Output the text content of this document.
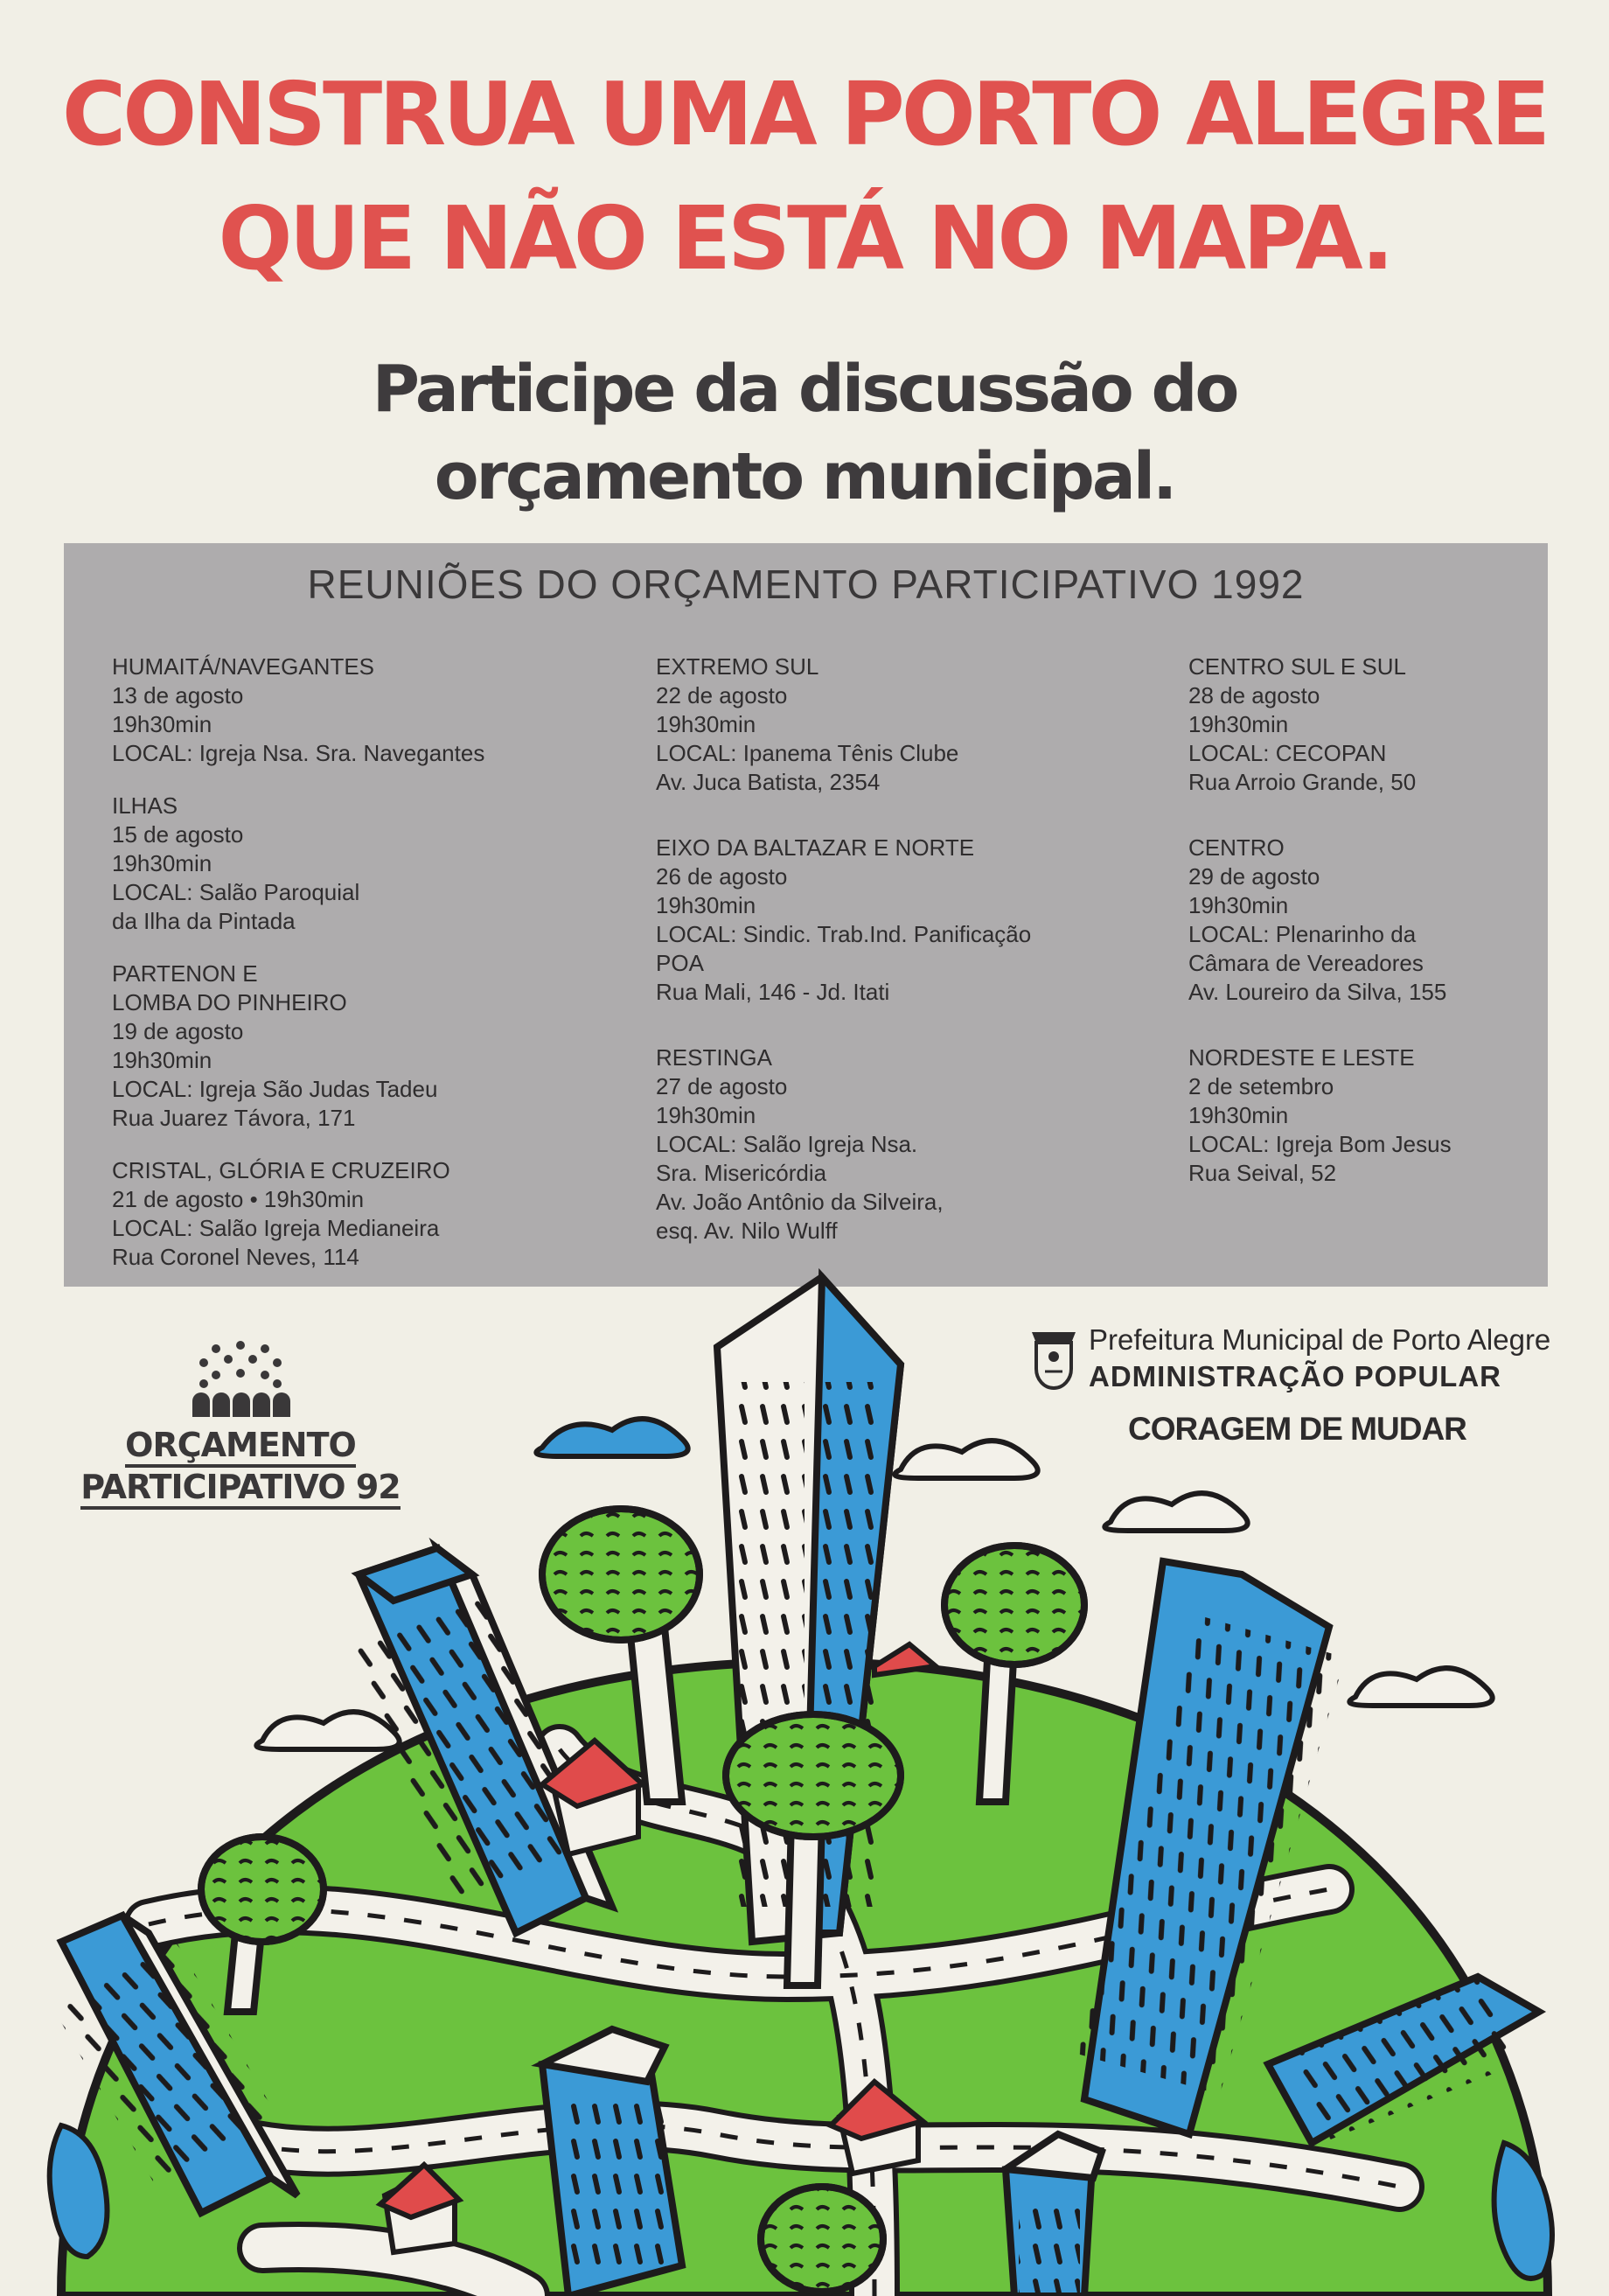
CONSTRUA UMA PORTO ALEGRE
QUE NÃO ESTÁ NO MAPA.
Participe da discussão do
orçamento municipal.
REUNIÕES DO ORÇAMENTO PARTICIPATIVO 1992
HUMAITÁ/NAVEGANTES
13 de agosto
19h30min
LOCAL: Igreja Nsa. Sra. Navegantes
ILHAS
15 de agosto
19h30min
LOCAL: Salão Paroquial
da Ilha da Pintada
PARTENON E
LOMBA DO PINHEIRO
19 de agosto
19h30min
LOCAL: Igreja São Judas Tadeu
Rua Juarez Távora, 171
CRISTAL, GLÓRIA E CRUZEIRO
21 de agosto • 19h30min
LOCAL: Salão Igreja Medianeira
Rua Coronel Neves, 114
EXTREMO SUL
22 de agosto
19h30min
LOCAL: Ipanema Tênis Clube
Av. Juca Batista, 2354
EIXO DA BALTAZAR E NORTE
26 de agosto
19h30min
LOCAL: Sindic. Trab.Ind. Panificação
POA
Rua Mali, 146 - Jd. Itati
RESTINGA
27 de agosto
19h30min
LOCAL: Salão Igreja Nsa.
Sra. Misericórdia
Av. João Antônio da Silveira,
esq. Av. Nilo Wulff
CENTRO SUL E SUL
28 de agosto
19h30min
LOCAL: CECOPAN
Rua Arroio Grande, 50
CENTRO
29 de agosto
19h30min
LOCAL: Plenarinho da
Câmara de Vereadores
Av. Loureiro da Silva, 155
NORDESTE E LESTE
2 de setembro
19h30min
LOCAL: Igreja Bom Jesus
Rua Seival, 52
ORÇAMENTO
PARTICIPATIVO 92
Prefeitura Municipal de Porto Alegre
ADMINISTRAÇÃO POPULAR
CORAGEM DE MUDAR
